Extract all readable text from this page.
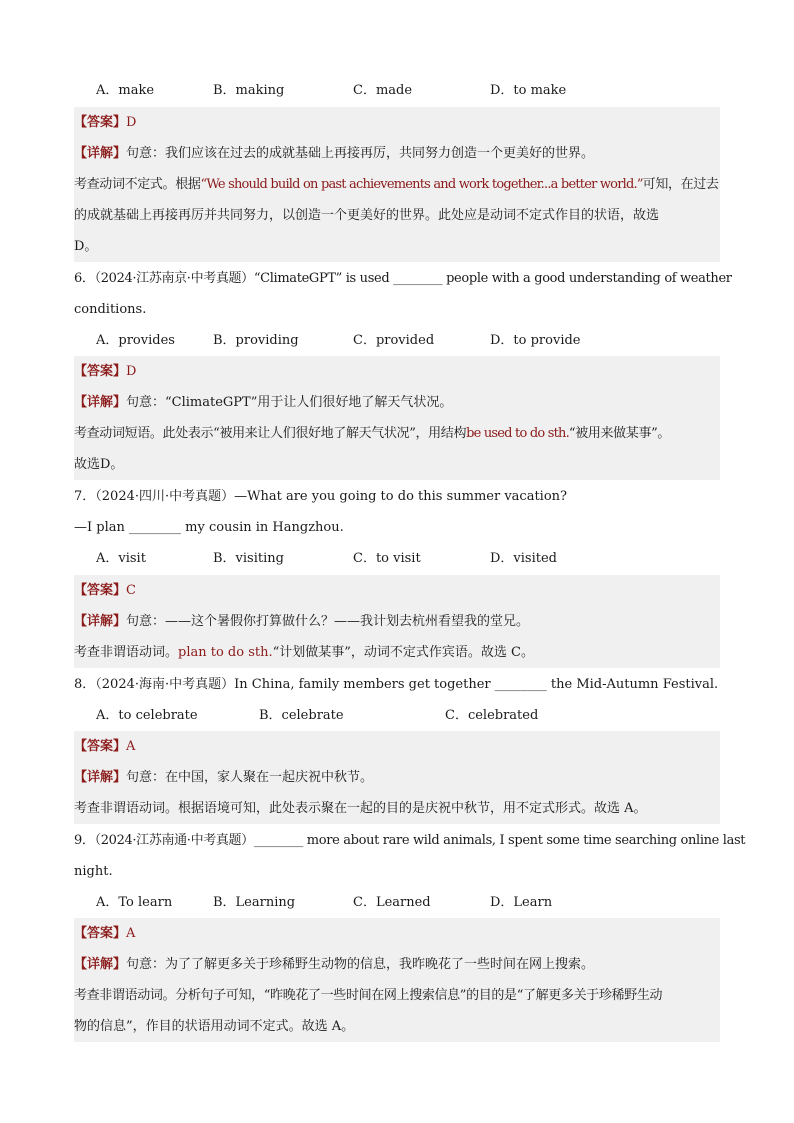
A．make	B．making	C．made	D．to make
【答案】D
【详解】句意：我们应该在过去的成就基础上再接再厉，共同努力创造一个更美好的世界。
考查动词不定式。根据“We should build on past achievements and work together...a better world.”可知，在过去
的成就基础上再接再厉并共同努力，以创造一个更美好的世界。此处应是动词不定式作目的状语，故选
D。
6．（2024·江苏南京·中考真题）“ClimateGPT” is used ________ people with a good understanding of weather
conditions.
A．provides	B．providing	C．provided	D．to provide
【答案】D
【详解】句意：“ClimateGPT”用于让人们很好地了解天气状况。
考查动词短语。此处表示“被用来让人们很好地了解天气状况”，用结构be used to do sth.“被用来做某事”。
故选D。
7．（2024·四川·中考真题）—What are you going to do this summer vacation?
—I plan ________ my cousin in Hangzhou.
A．visit	B．visiting	C．to visit	D．visited
【答案】C
【详解】句意：——这个暑假你打算做什么？——我计划去杭州看望我的堂兄。
考查非谓语动词。plan to do sth.“计划做某事”，动词不定式作宾语。故选 C。
8．（2024·海南·中考真题）In China, family members get together ________ the Mid-Autumn Festival.
A．to celebrate	B．celebrate	C．celebrated
【答案】A
【详解】句意：在中国，家人聚在一起庆祝中秋节。
考查非谓语动词。根据语境可知，此处表示聚在一起的目的是庆祝中秋节，用不定式形式。故选 A。
9．（2024·江苏南通·中考真题）________ more about rare wild animals, I spent some time searching online last
night.
A．To learn	B．Learning	C．Learned	D．Learn
【答案】A
【详解】句意：为了了解更多关于珍稀野生动物的信息，我昨晚花了一些时间在网上搜索。
考查非谓语动词。分析句子可知，“昨晚花了一些时间在网上搜索信息”的目的是“了解更多关于珍稀野生动
物的信息”，作目的状语用动词不定式。故选 A。
